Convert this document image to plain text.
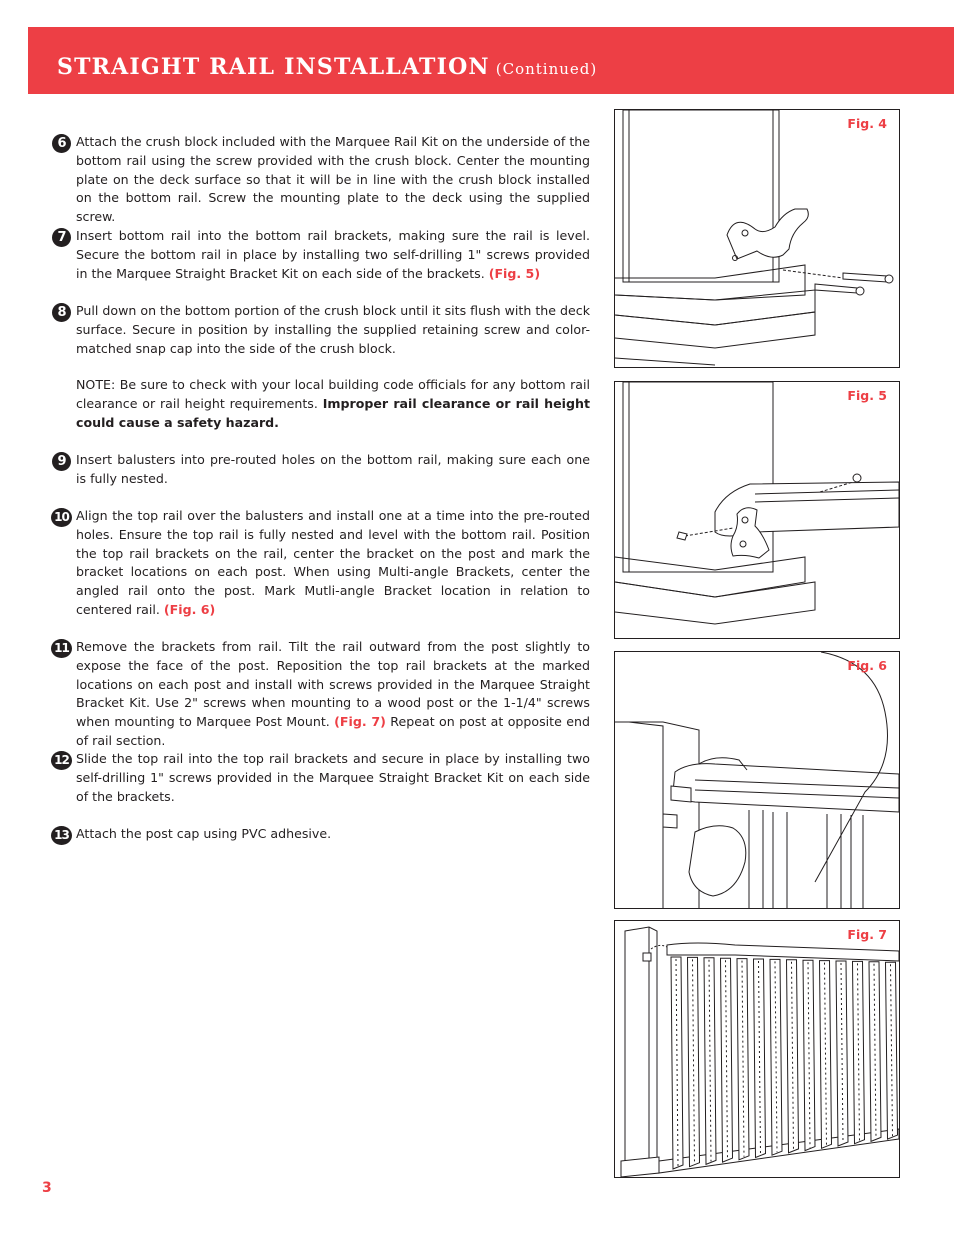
STRAIGHT RAIL INSTALLATION (Continued)
6 Attach the crush block included with the Marquee Rail Kit on the underside of the bottom rail using the screw provided with the crush block. Center the mounting plate on the deck surface so that it will be in line with the crush block installed on the bottom rail. Screw the mounting plate to the deck using the supplied screw.

7 Insert bottom rail into the bottom rail brackets, making sure the rail is level. Secure the bottom rail in place by installing two self-drilling 1" screws provided in the Marquee Straight Bracket Kit on each side of the brackets. (Fig. 5)

8 Pull down on the bottom portion of the crush block until it sits flush with the deck surface. Secure in position by installing the supplied retaining screw and color-matched snap cap into the side of the crush block.

NOTE: Be sure to check with your local building code officials for any bottom rail clearance or rail height requirements. Improper rail clearance or rail height could cause a safety hazard.

9 Insert balusters into pre-routed holes on the bottom rail, making sure each one is fully nested.

10 Align the top rail over the balusters and install one at a time into the pre-routed holes. Ensure the top rail is fully nested and level with the bottom rail. Position the top rail brackets on the rail, center the bracket on the post and mark the bracket locations on each post. When using Multi-angle Brackets, center the angled rail onto the post. Mark Mutli-angle Bracket location in relation to centered rail. (Fig. 6)

11 Remove the brackets from rail. Tilt the rail outward from the post slightly to expose the face of the post. Reposition the top rail brackets at the marked locations on each post and install with screws provided in the Marquee Straight Bracket Kit. Use 2" screws when mounting to a wood post or the 1-1/4" screws when mounting to Marquee Post Mount. (Fig. 7) Repeat on post at opposite end of rail section.

12 Slide the top rail into the top rail brackets and secure in place by installing two self-drilling 1" screws provided in the Marquee Straight Bracket Kit on each side of the brackets.

13 Attach the post cap using PVC adhesive.

Fig. 4
Fig. 5
Fig. 6
Fig. 7
3
